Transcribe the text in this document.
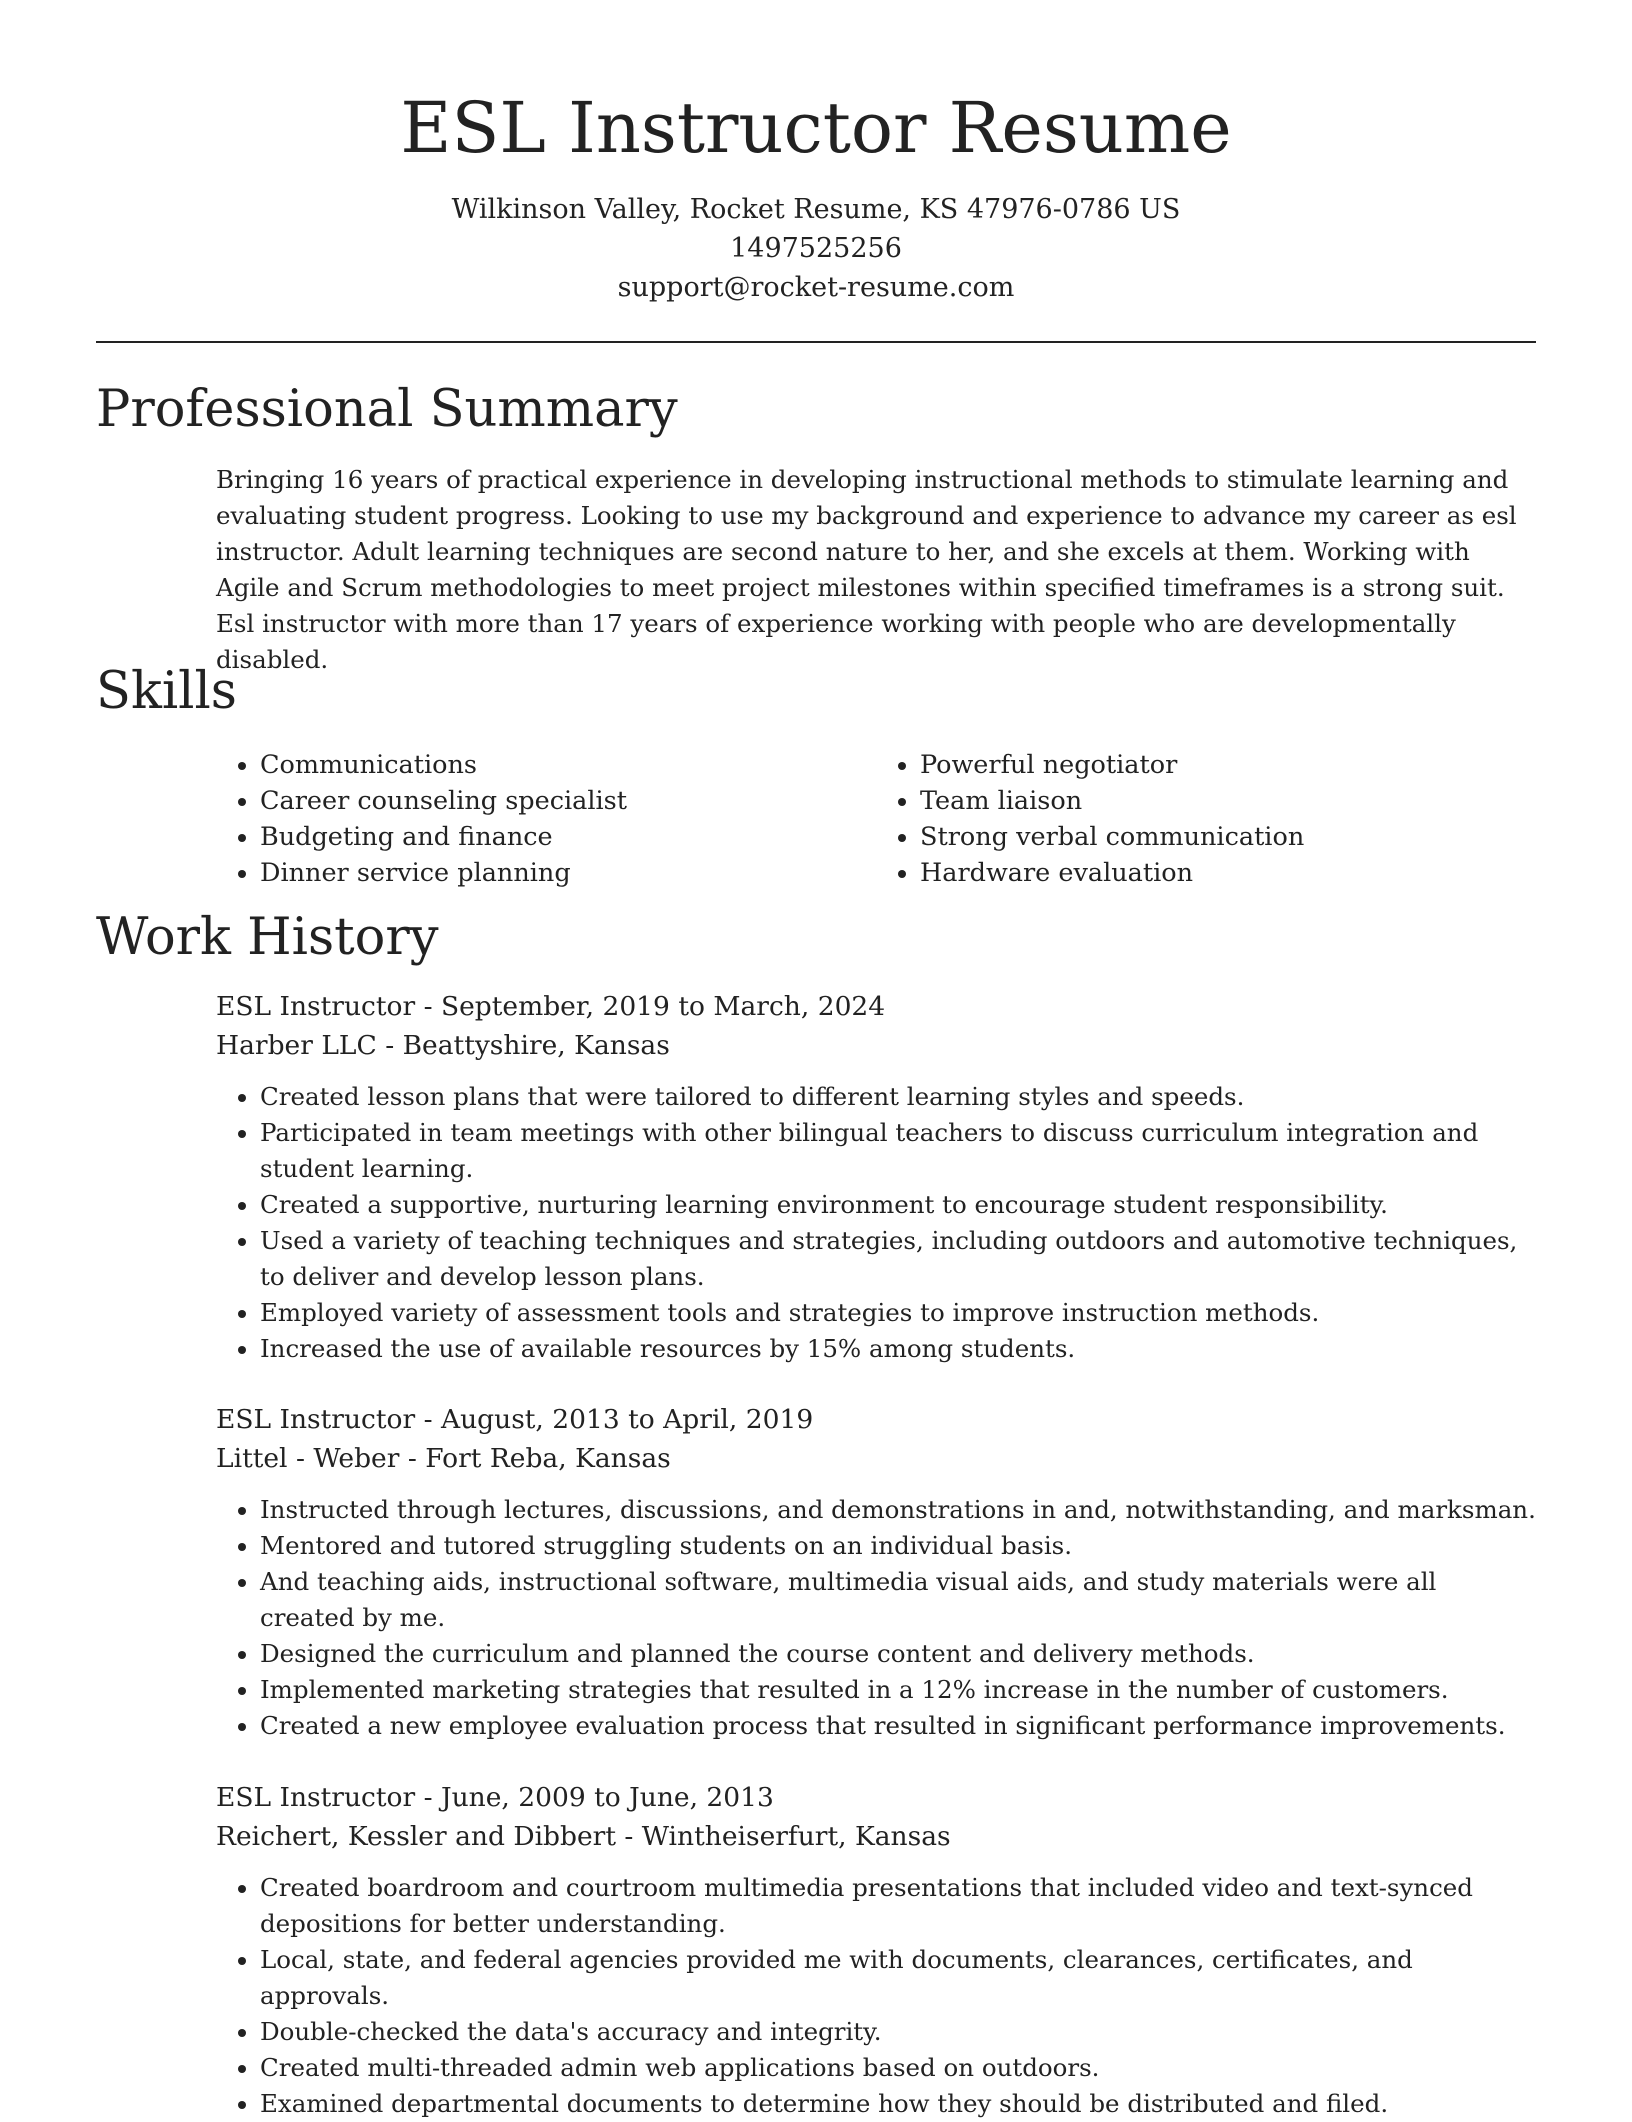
ESL Instructor Resume
Wilkinson Valley, Rocket Resume, KS 47976-0786 US
1497525256
support@rocket-resume.com
Professional Summary
Bringing 16 years of practical experience in developing instructional methods to stimulate learning and evaluating student progress. Looking to use my background and experience to advance my career as esl instructor. Adult learning techniques are second nature to her, and she excels at them. Working with Agile and Scrum methodologies to meet project milestones within specified timeframes is a strong suit. Esl instructor with more than 17 years of experience working with people who are developmentally disabled.
Skills
• Communications
• Career counseling specialist
• Budgeting and finance
• Dinner service planning
• Powerful negotiator
• Team liaison
• Strong verbal communication
• Hardware evaluation
Work History
ESL Instructor - September, 2019 to March, 2024
Harber LLC - Beattyshire, Kansas
• Created lesson plans that were tailored to different learning styles and speeds.
• Participated in team meetings with other bilingual teachers to discuss curriculum integration and student learning.
• Created a supportive, nurturing learning environment to encourage student responsibility.
• Used a variety of teaching techniques and strategies, including outdoors and automotive techniques, to deliver and develop lesson plans.
• Employed variety of assessment tools and strategies to improve instruction methods.
• Increased the use of available resources by 15% among students.
ESL Instructor - August, 2013 to April, 2019
Littel - Weber - Fort Reba, Kansas
• Instructed through lectures, discussions, and demonstrations in and, notwithstanding, and marksman.
• Mentored and tutored struggling students on an individual basis.
• And teaching aids, instructional software, multimedia visual aids, and study materials were all created by me.
• Designed the curriculum and planned the course content and delivery methods.
• Implemented marketing strategies that resulted in a 12% increase in the number of customers.
• Created a new employee evaluation process that resulted in significant performance improvements.
ESL Instructor - June, 2009 to June, 2013
Reichert, Kessler and Dibbert - Wintheiserfurt, Kansas
• Created boardroom and courtroom multimedia presentations that included video and text-synced depositions for better understanding.
• Local, state, and federal agencies provided me with documents, clearances, certificates, and approvals.
• Double-checked the data's accuracy and integrity.
• Created multi-threaded admin web applications based on outdoors.
• Examined departmental documents to determine how they should be distributed and filed.
